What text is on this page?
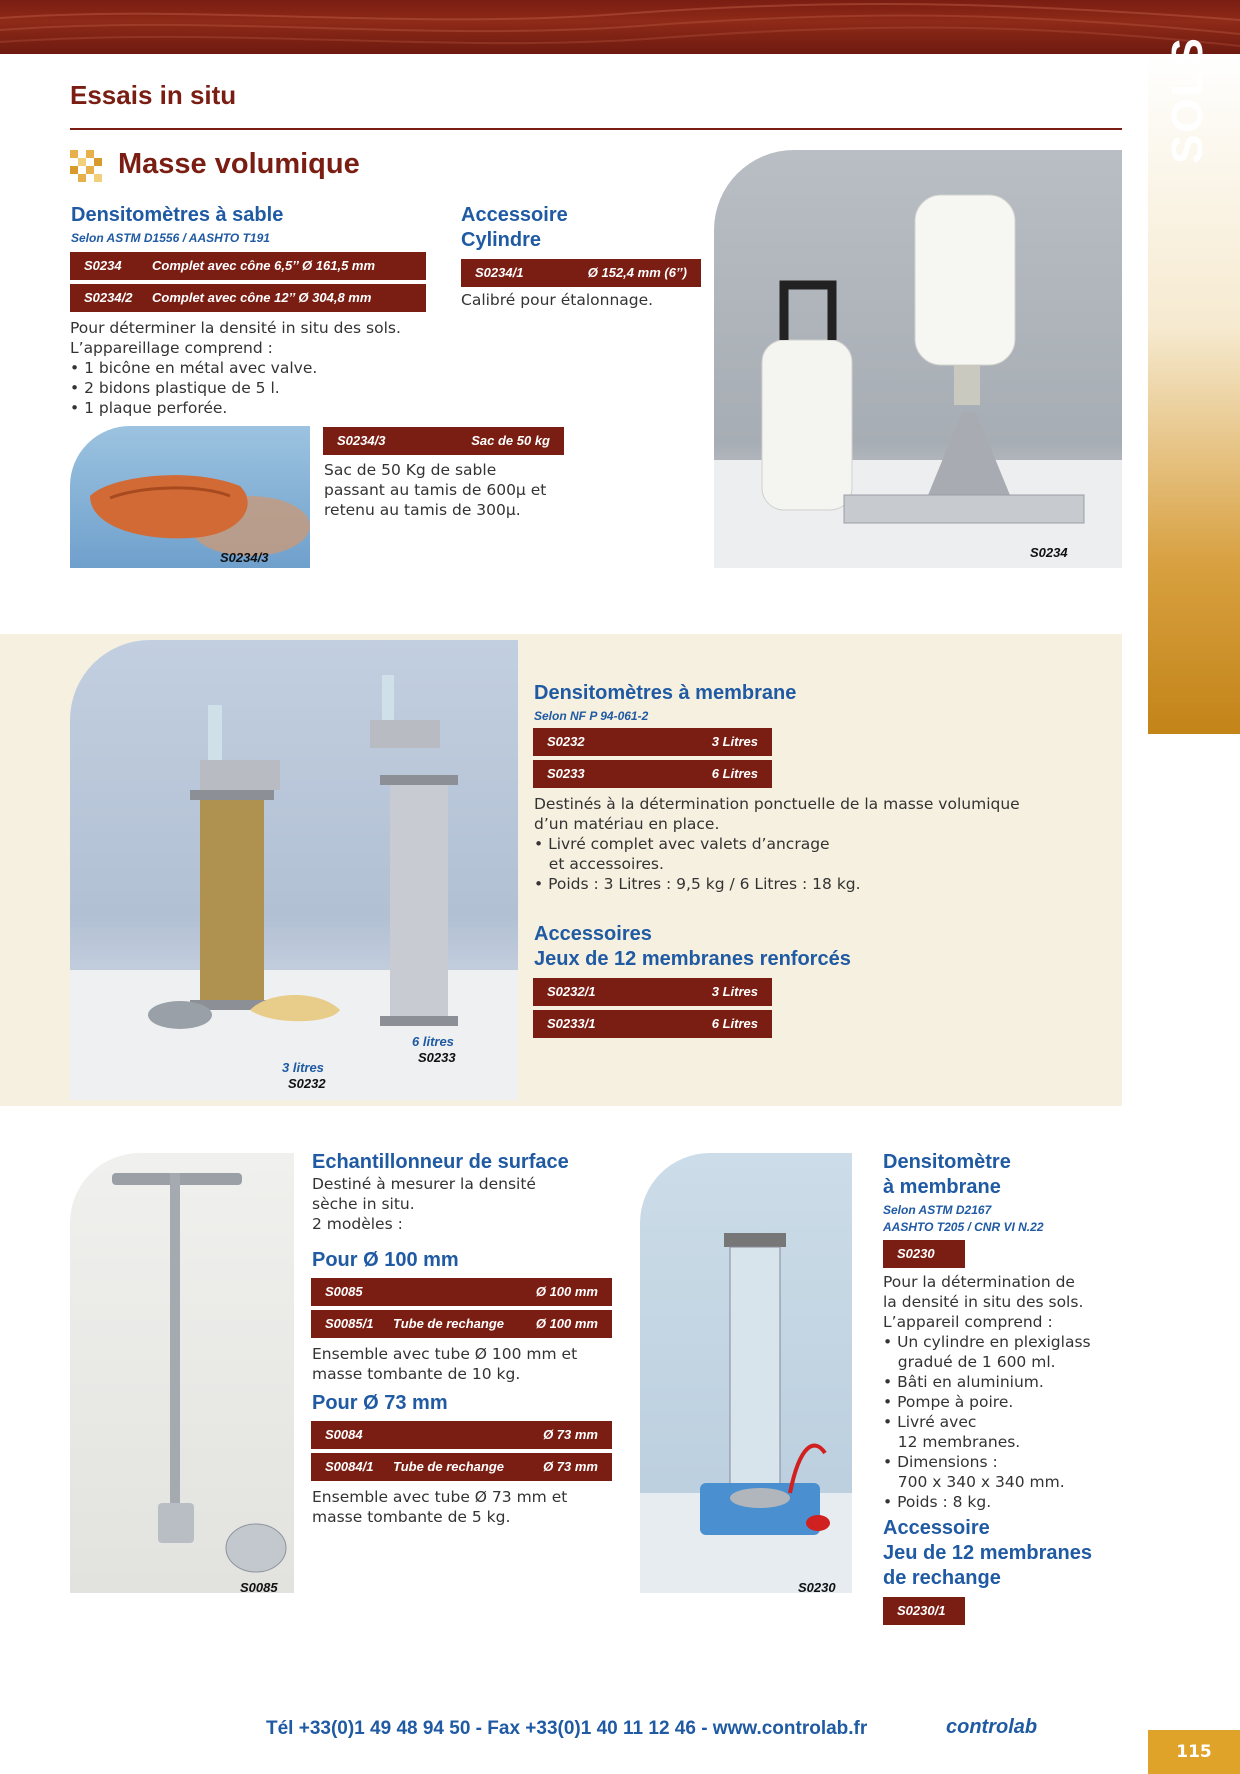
SOLS
Essais in situ
Masse volumique
Densitomètres à sable
Selon ASTM D1556 / AASHTO T191
S0234 Complet avec cône 6,5’’ Ø 161,5 mm
S0234/2 Complet avec cône 12’’ Ø 304,8 mm
Pour déterminer la densité in situ des sols.
L’appareillage comprend :
• 1 bicône en métal avec valve.
• 2 bidons plastique de 5 l.
• 1 plaque perforée.
S0234/3
S0234/3	Sac de 50 kg
Sac de 50 Kg de sable
passant au tamis de 600µ et
retenu au tamis de 300µ.
Accessoire
Cylindre
S0234/1	Ø 152,4 mm (6’’)
Calibré pour étalonnage.
S0234
3 litres
S0232
6 litres
S0233
Densitomètres à membrane
Selon NF P 94-061-2
S0232	3 Litres
S0233	6 Litres
Destinés à la détermination ponctuelle de la masse volumique
d’un matériau en place.
• Livré complet avec valets d’ancrage
et accessoires.
• Poids : 3 Litres : 9,5 kg / 6 Litres : 18 kg.
Accessoires
Jeux de 12 membranes renforcés
S0232/1	3 Litres
S0233/1	6 Litres
S0085
Echantillonneur de surface
Destiné à mesurer la densité
sèche in situ.
2 modèles :
Pour Ø 100 mm
S0085	Ø 100 mm
S0085/1 Tube de rechange Ø 100 mm
Ensemble avec tube Ø 100 mm et
masse tombante de 10 kg.
Pour Ø 73 mm
S0084	Ø 73 mm
S0084/1 Tube de rechange	Ø 73 mm
Ensemble avec tube Ø 73 mm et
masse tombante de 5 kg.
S0230
Densitomètre
à membrane
Selon ASTM D2167
AASHTO T205 / CNR VI N.22
S0230
Pour la détermination de
la densité in situ des sols.
L’appareil comprend :
• Un cylindre en plexiglass
gradué de 1 600 ml.
• Bâti en aluminium.
• Pompe à poire.
• Livré avec
12 membranes.
• Dimensions :
700 x 340 x 340 mm.
• Poids : 8 kg.
Accessoire
Jeu de 12 membranes
de rechange
S0230/1
Tél +33(0)1 49 48 94 50 - Fax +33(0)1 40 11 12 46 - www.controlab.fr	controlab
115
